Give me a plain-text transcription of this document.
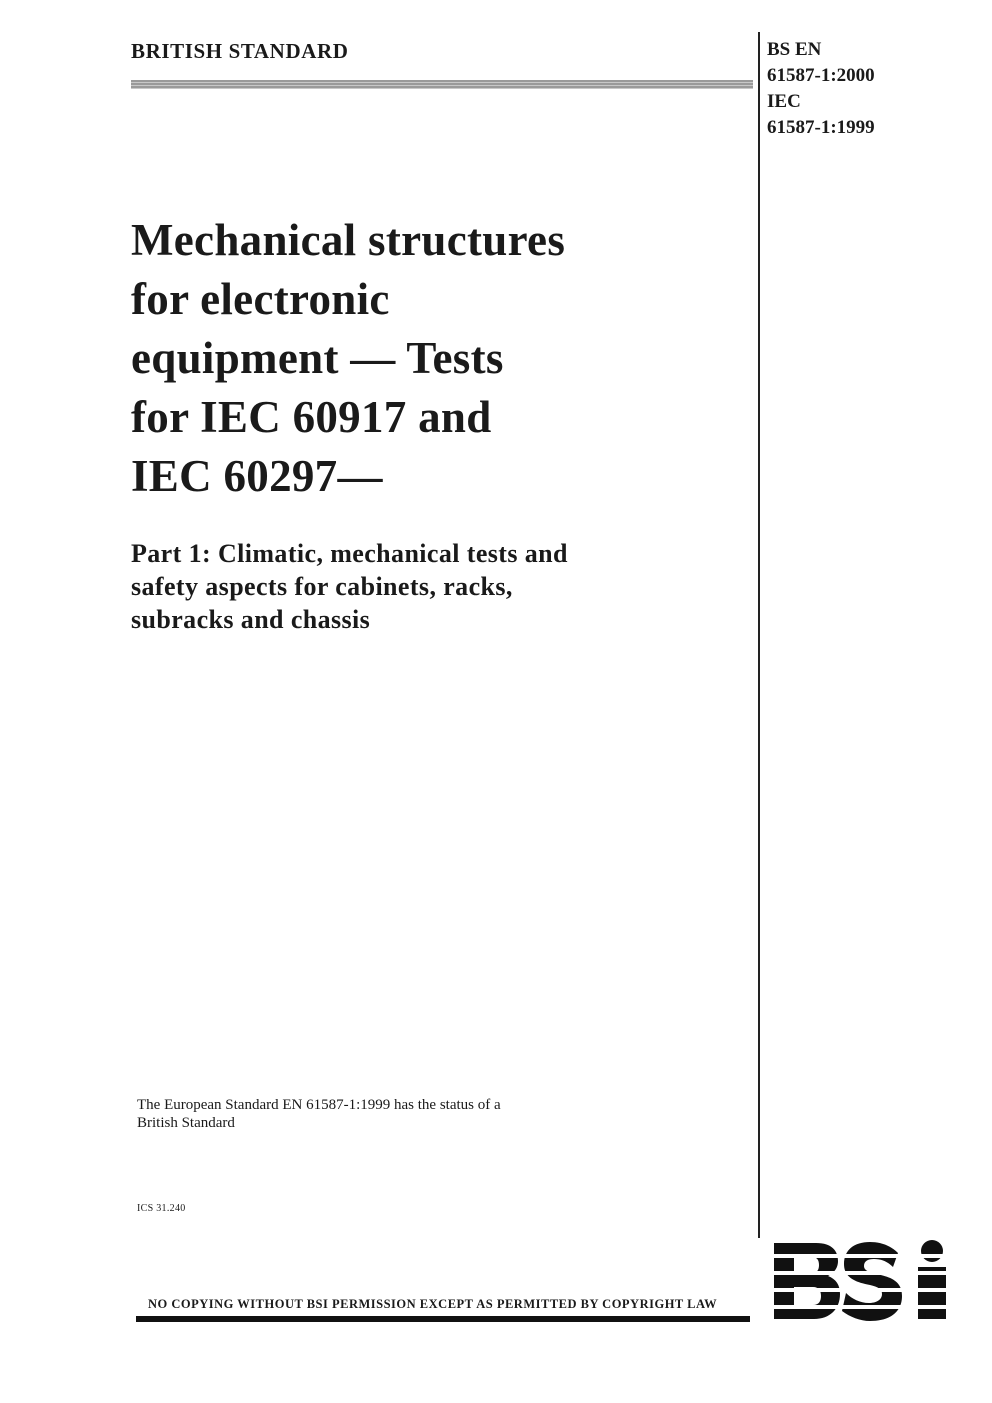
BRITISH STANDARD	BS EN
61587-1:2000
IEC
61587-1:1999
Mechanical structures
for electronic
equipment — Tests
for IEC 60917 and
IEC 60297—
Part 1: Climatic, mechanical tests and
safety aspects for cabinets, racks,
subracks and chassis
The European Standard EN 61587-1:1999 has the status of a
British Standard
ICS 31.240
NO COPYING WITHOUT BSI PERMISSION EXCEPT AS PERMITTED BY COPYRIGHT LAW
